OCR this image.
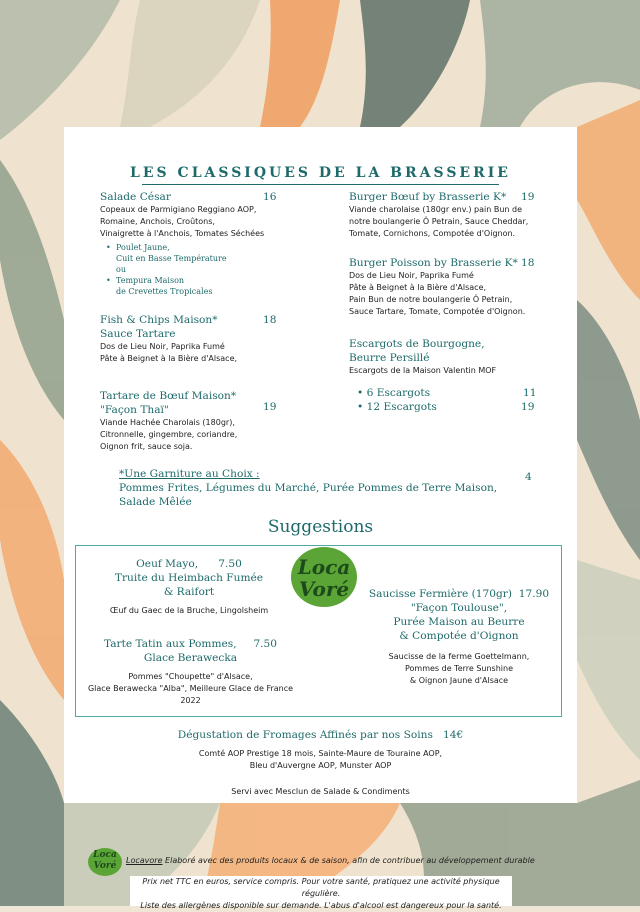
LES CLASSIQUES DE LA BRASSERIE
Salade César
Copeaux de Parmigiano Reggiano AOP,
Romaine, Anchois, Croûtons,
Vinaigrette à l'Anchois, Tomates Séchées
• Poulet Jaune,
Cuit en Basse Température
ou
• Tempura Maison
de Crevettes Tropicales
16
Fish & Chips Maison*
Sauce Tartare
Dos de Lieu Noir, Paprika Fumé
Pâte à Beignet à la Bière d'Alsace,
18
Tartare de Bœuf Maison*
"Façon Thaï"
Viande Hachée Charolais (180gr),
Citronnelle, gingembre, coriandre,
Oignon frit, sauce soja.
19
Burger Bœuf by Brasserie K*
Viande charolaise (180gr env.) pain Bun de
notre boulangerie Ô Petrain, Sauce Cheddar,
Tomate, Cornichons, Compotée d'Oignon.
19
Burger Poisson by Brasserie K*
Dos de Lieu Noir, Paprika Fumé
Pâte à Beignet à la Bière d'Alsace,
Pain Bun de notre boulangerie Ô Petrain,
Sauce Tartare, Tomate, Compotée d'Oignon.
18
Escargots de Bourgogne,
Beurre Persillé
Escargots de la Maison Valentin MOF
• 6 Escargots
• 12 Escargots
11
19
*Une Garniture au Choix :
Pommes Frites, Légumes du Marché, Purée Pommes de Terre Maison,
Salade Mêlée
4
Suggestions
Oeuf Mayo, 7.50
Truite du Heimbach Fumée
& Raifort
Œuf du Gaec de la Bruche, Lingolsheim
Loca
Voré
Tarte Tatin aux Pommes, 7.50
Glace Berawecka
Pommes "Choupette" d'Alsace,
Glace Berawecka "Alba", Meilleure Glace de France 2022
Saucisse Fermière (170gr) 17.90
"Façon Toulouse",
Purée Maison au Beurre
& Compotée d'Oignon
Saucisse de la ferme Goettelmann,
Pommes de Terre Sunshine
& Oignon Jaune d'Alsace
Dégustation de Fromages Affinés par nos Soins 14€
Comté AOP Prestige 18 mois, Sainte-Maure de Touraine AOP,
Bleu d'Auvergne AOP, Munster AOP
Servi avec Mesclun de Salade & Condiments
Loca
Voré
Locavore Elaboré avec des produits locaux & de saison, afin de contribuer au développement durable
Prix net TTC en euros, service compris. Pour votre santé, pratiquez une activité physique régulière.
Liste des allergènes disponible sur demande. L'abus d'alcool est dangereux pour la santé.
